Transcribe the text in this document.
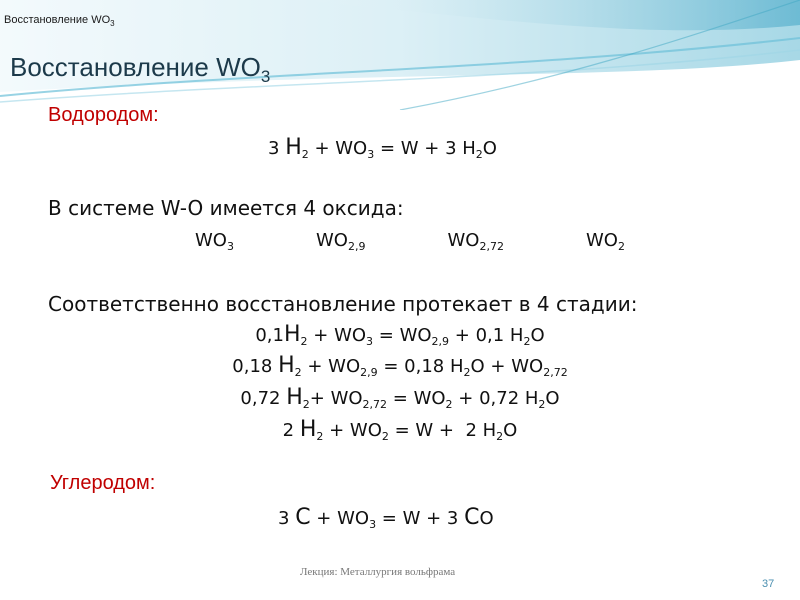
Восстановление $WO_3$
Восстановление $WO_3$
Водородом:
3 $H_2 + WO_3 = W + 3$ $H_2O$
В системе W-O имеется 4 оксида:
$WO_3$	$WO_{2,9}$	$WO_{2,72}$	$WO_2$
Соответственно восстановление протекает в 4 стадии:
$0,1H_2 + WO_3 = WO_{2,9} + 0,1$ $H_2O$
0,18 $H_2 + WO_{2,9} = 0,18$ $H_2O + WO_{2,72}$
0,72 $H_2+ WO_{2,72} = WO_2 + 0,72$ $H_2O$
2 $H_2 + WO_2 = W + 2$ $H_2O$
Углеродом:
3 $C + WO_3 = W + 3$ CO
Лекция: Металлургия вольфрама
37
